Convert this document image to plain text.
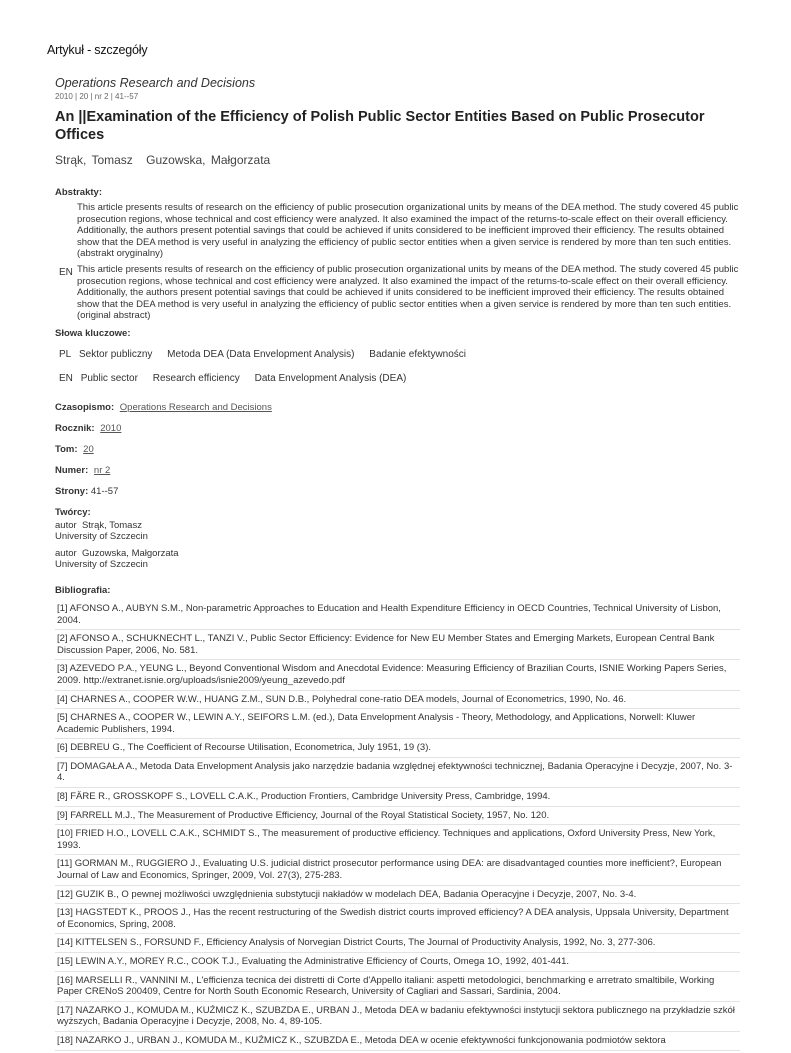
Artykuł - szczegóły
Operations Research and Decisions
2010 | 20 | nr 2 | 41--57
An ||Examination of the Efficiency of Polish Public Sector Entities Based on Public Prosecutor Offices
Strąk, Tomasz Guzowska, Małgorzata
Abstrakty:
This article presents results of research on the efficiency of public prosecution organizational units by means of the DEA method. The study covered 45 public prosecution regions, whose technical and cost efficiency were analyzed. It also examined the impact of the returns-to-scale effect on their overall efficiency. Additionally, the authors present potential savings that could be achieved if units considered to be inefficient improved their efficiency. The results obtained show that the DEA method is very useful in analyzing the efficiency of public sector entities when a given service is rendered by more than ten such entities. (abstrakt oryginalny)
EN This article presents results of research on the efficiency of public prosecution organizational units by means of the DEA method. The study covered 45 public prosecution regions, whose technical and cost efficiency were analyzed. It also examined the impact of the returns-to-scale effect on their overall efficiency. Additionally, the authors present potential savings that could be achieved if units considered to be inefficient improved their efficiency. The results obtained show that the DEA method is very useful in analyzing the efficiency of public sector entities when a given service is rendered by more than ten such entities. (original abstract)
Słowa kluczowe:
PL Sektor publiczny Metoda DEA (Data Envelopment Analysis) Badanie efektywności
EN Public sector Research efficiency Data Envelopment Analysis (DEA)
Czasopismo: Operations Research and Decisions
Rocznik: 2010
Tom: 20
Numer: nr 2
Strony: 41--57
Twórcy:
autor Strąk, Tomasz
University of Szczecin
autor Guzowska, Małgorzata
University of Szczecin
Bibliografia:
[1] AFONSO A., AUBYN S.M., Non-parametric Approaches to Education and Health Expenditure Efficiency in OECD Countries, Technical University of Lisbon, 2004.
[2] AFONSO A., SCHUKNECHT L., TANZI V., Public Sector Efficiency: Evidence for New EU Member States and Emerging Markets, European Central Bank Discussion Paper, 2006, No. 581.
[3] AZEVEDO P.A., YEUNG L., Beyond Conventional Wisdom and Anecdotal Evidence: Measuring Efficiency of Brazilian Courts, ISNIE Working Papers Series, 2009. http://extranet.isnie.org/uploads/isnie2009/yeung_azevedo.pdf
[4] CHARNES A., COOPER W.W., HUANG Z.M., SUN D.B., Polyhedral cone-ratio DEA models, Journal of Econometrics, 1990, No. 46.
[5] CHARNES A., COOPER W., LEWIN A.Y., SEIFORS L.M. (ed.), Data Envelopment Analysis - Theory, Methodology, and Applications, Norwell: Kluwer Academic Publishers, 1994.
[6] DEBREU G., The Coefficient of Recourse Utilisation, Econometrica, July 1951, 19 (3).
[7] DOMAGAŁA A., Metoda Data Envelopment Analysis jako narzędzie badania względnej efektywności technicznej, Badania Operacyjne i Decyzje, 2007, No. 3-4.
[8] FÄRE R., GROSSKOPF S., LOVELL C.A.K., Production Frontiers, Cambridge University Press, Cambridge, 1994.
[9] FARRELL M.J., The Measurement of Productive Efficiency, Journal of the Royal Statistical Society, 1957, No. 120.
[10] FRIED H.O., LOVELL C.A.K., SCHMIDT S., The measurement of productive efficiency. Techniques and applications, Oxford University Press, New York, 1993.
[11] GORMAN M., RUGGIERO J., Evaluating U.S. judicial district prosecutor performance using DEA: are disadvantaged counties more inefficient?, European Journal of Law and Economics, Springer, 2009, Vol. 27(3), 275-283.
[12] GUZIK B., O pewnej możliwości uwzględnienia substytucji nakładów w modelach DEA, Badania Operacyjne i Decyzje, 2007, No. 3-4.
[13] HAGSTEDT K., PROOS J., Has the recent restructuring of the Swedish district courts improved efficiency? A DEA analysis, Uppsala University, Department of Economics, Spring, 2008.
[14] KITTELSEN S., FORSUND F., Efficiency Analysis of Norvegian District Courts, The Journal of Productivity Analysis, 1992, No. 3, 277-306.
[15] LEWIN A.Y., MOREY R.C., COOK T.J., Evaluating the Administrative Efficiency of Courts, Omega 1O, 1992, 401-441.
[16] MARSELLI R., VANNINI M., L'efficienza tecnica dei distretti di Corte d'Appello italiani: aspetti metodologici, benchmarking e arretrato smaltibile, Working Paper CRENoS 200409, Centre for North South Economic Research, University of Cagliari and Sassari, Sardinia, 2004.
[17] NAZARKO J., KOMUDA M., KUŹMICZ K., SZUBZDA E., URBAN J., Metoda DEA w badaniu efektywności instytucji sektora publicznego na przykładzie szkół wyższych, Badania Operacyjne i Decyzje, 2008, No. 4, 89-105.
[18] NAZARKO J., URBAN J., KOMUDA M., KUŹMICZ K., SZUBZDA E., Metoda DEA w ocenie efektywności funkcjonowania podmiotów sektora
